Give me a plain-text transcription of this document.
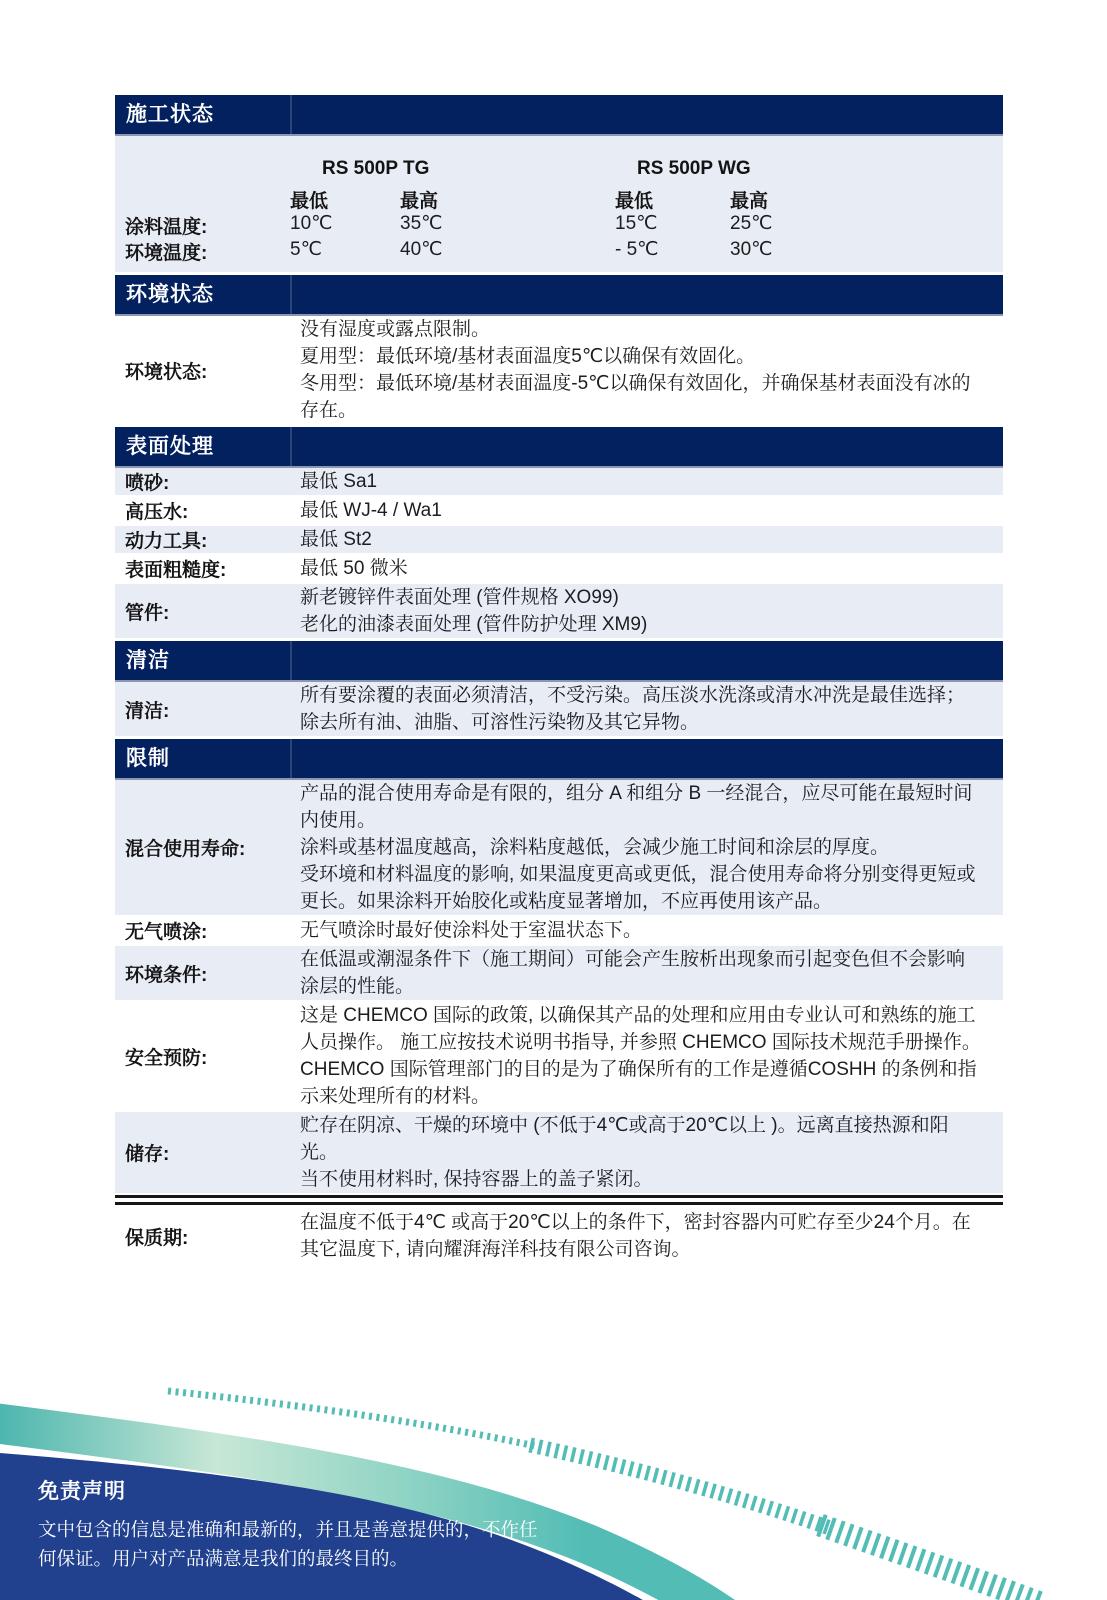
施工状态
RS 500P TG	RS 500P WG
最低	最高	最低	最高
涂料温度:	10℃	35℃	15℃	25℃
环境温度:	5℃	40℃	- 5℃	30℃
环境状态
环境状态:

没有湿度或露点限制。

夏用型：最低环境/基材表面温度5℃以确保有效固化。

冬用型：最低环境/基材表面温度-5℃以确保有效固化，并确保基材表面没有冰的存在。

表面处理
喷砂:	最低 Sa1

高压水:	最低 WJ-4 / Wa1

动力工具:	最低 St2

表面粗糙度:	最低 50 微米

管件:

新老镀锌件表面处理 (管件规格 XO99)

老化的油漆表面处理 (管件防护处理 XM9)

清洁
清洁:

所有要涂覆的表面必须清洁，不受污染。高压淡水洗涤或清水冲洗是最佳选择；除去所有油、油脂、可溶性污染物及其它异物。

限制
混合使用寿命:

产品的混合使用寿命是有限的，组分 A 和组分 B 一经混合，应尽可能在最短时间内使用。

涂料或基材温度越高，涂料粘度越低，会减少施工时间和涂层的厚度。

受环境和材料温度的影响, 如果温度更高或更低，混合使用寿命将分别变得更短或更长。如果涂料开始胶化或粘度显著增加，不应再使用该产品。

无气喷涂:	无气喷涂时最好使涂料处于室温状态下。

环境条件:

在低温或潮湿条件下（施工期间）可能会产生胺析出现象而引起变色但不会影响涂层的性能。

安全预防:

这是 CHEMCO 国际的政策, 以确保其产品的处理和应用由专业认可和熟练的施工人员操作。 施工应按技术说明书指导, 并参照 CHEMCO 国际技术规范手册操作。CHEMCO 国际管理部门的目的是为了确保所有的工作是遵循COSHH 的条例和指示来处理所有的材料。

储存:

贮存在阴凉、干燥的环境中 (不低于4℃或高于20℃以上 )。远离直接热源和阳光。

当不使用材料时, 保持容器上的盖子紧闭。

保质期:

在温度不低于4℃ 或高于20℃以上的条件下，密封容器内可贮存至少24个月。在其它温度下, 请向耀湃海洋科技有限公司咨询。

免责声明

文中包含的信息是准确和最新的，并且是善意提供的，不作任何保证。用户对产品满意是我们的最终目的。
